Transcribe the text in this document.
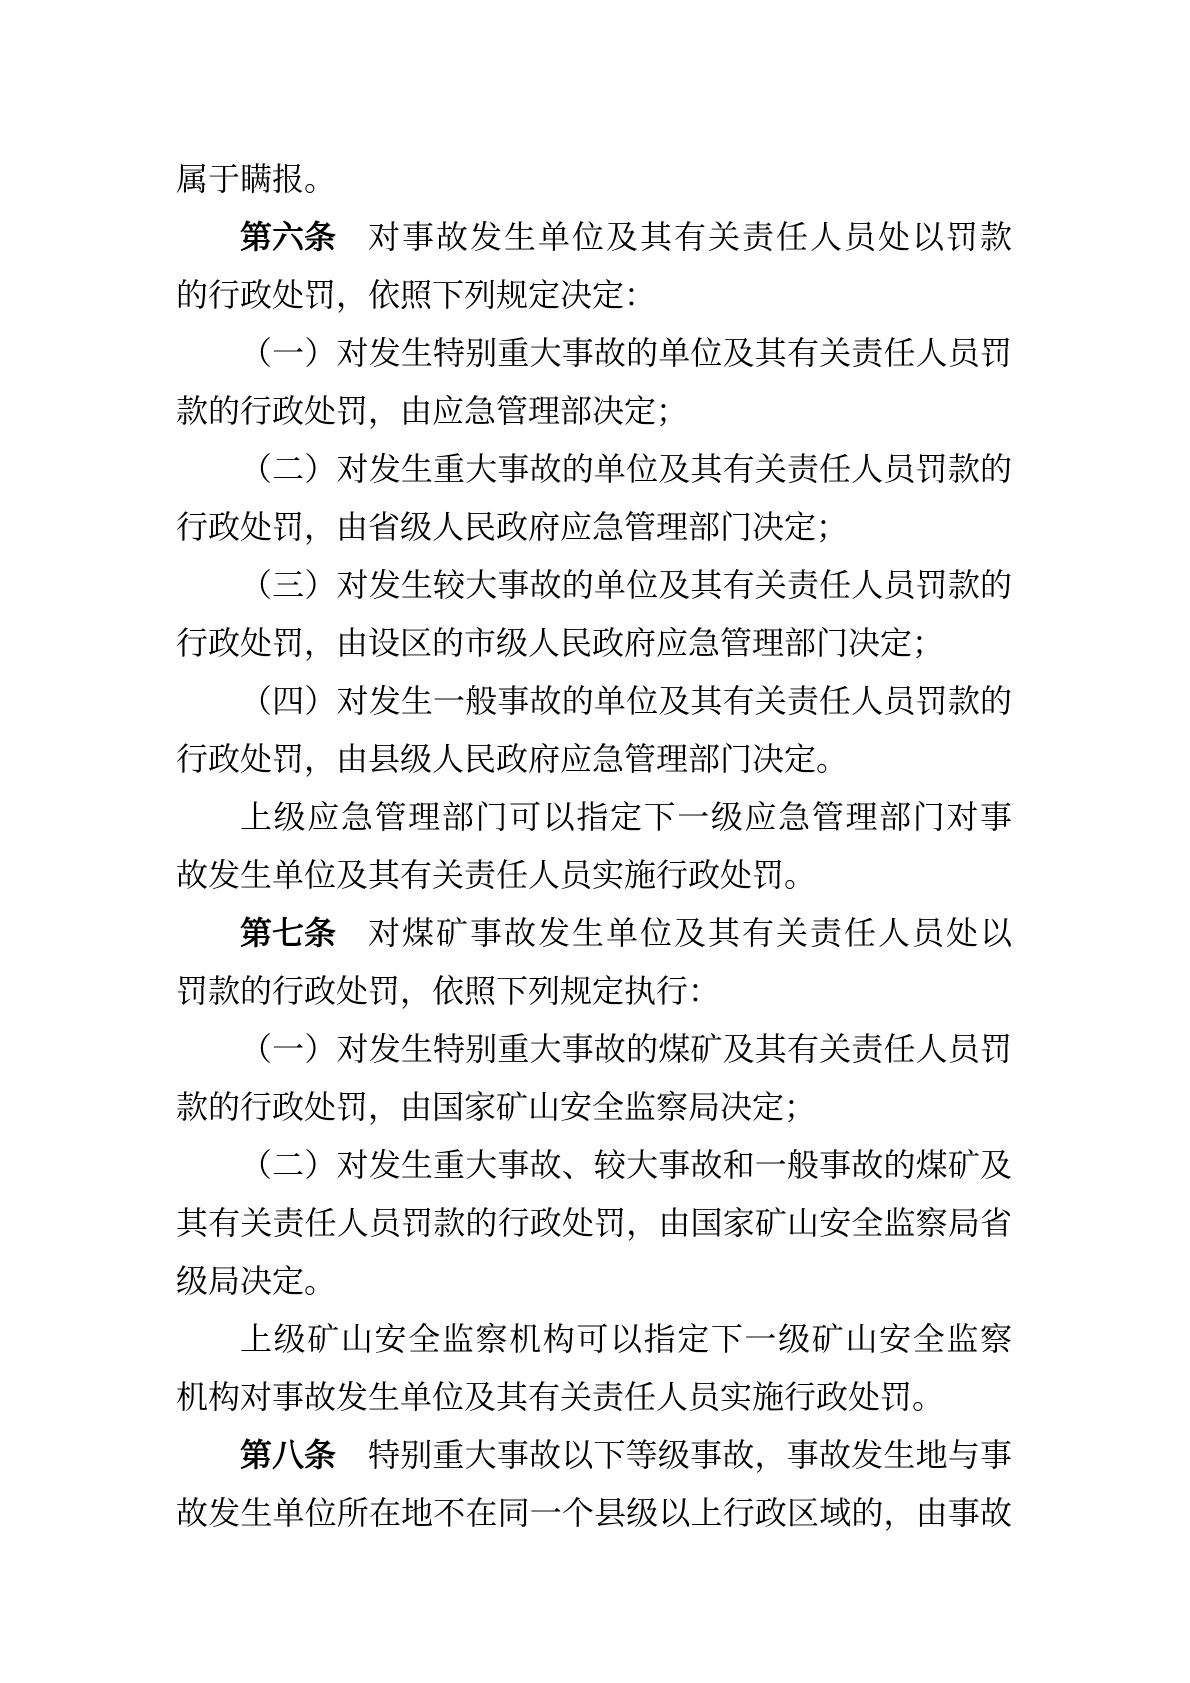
属于瞒报。
第六条 对事故发生单位及其有关责任人员处以罚款
的行政处罚，依照下列规定决定：
（一）对发生特别重大事故的单位及其有关责任人员罚
款的行政处罚，由应急管理部决定；
（二）对发生重大事故的单位及其有关责任人员罚款的
行政处罚，由省级人民政府应急管理部门决定；
（三）对发生较大事故的单位及其有关责任人员罚款的
行政处罚，由设区的市级人民政府应急管理部门决定；
（四）对发生一般事故的单位及其有关责任人员罚款的
行政处罚，由县级人民政府应急管理部门决定。
上级应急管理部门可以指定下一级应急管理部门对事
故发生单位及其有关责任人员实施行政处罚。
第七条 对煤矿事故发生单位及其有关责任人员处以
罚款的行政处罚，依照下列规定执行：
（一）对发生特别重大事故的煤矿及其有关责任人员罚
款的行政处罚，由国家矿山安全监察局决定；
（二）对发生重大事故、较大事故和一般事故的煤矿及
其有关责任人员罚款的行政处罚，由国家矿山安全监察局省
级局决定。
上级矿山安全监察机构可以指定下一级矿山安全监察
机构对事故发生单位及其有关责任人员实施行政处罚。
第八条 特别重大事故以下等级事故，事故发生地与事
故发生单位所在地不在同一个县级以上行政区域的，由事故
